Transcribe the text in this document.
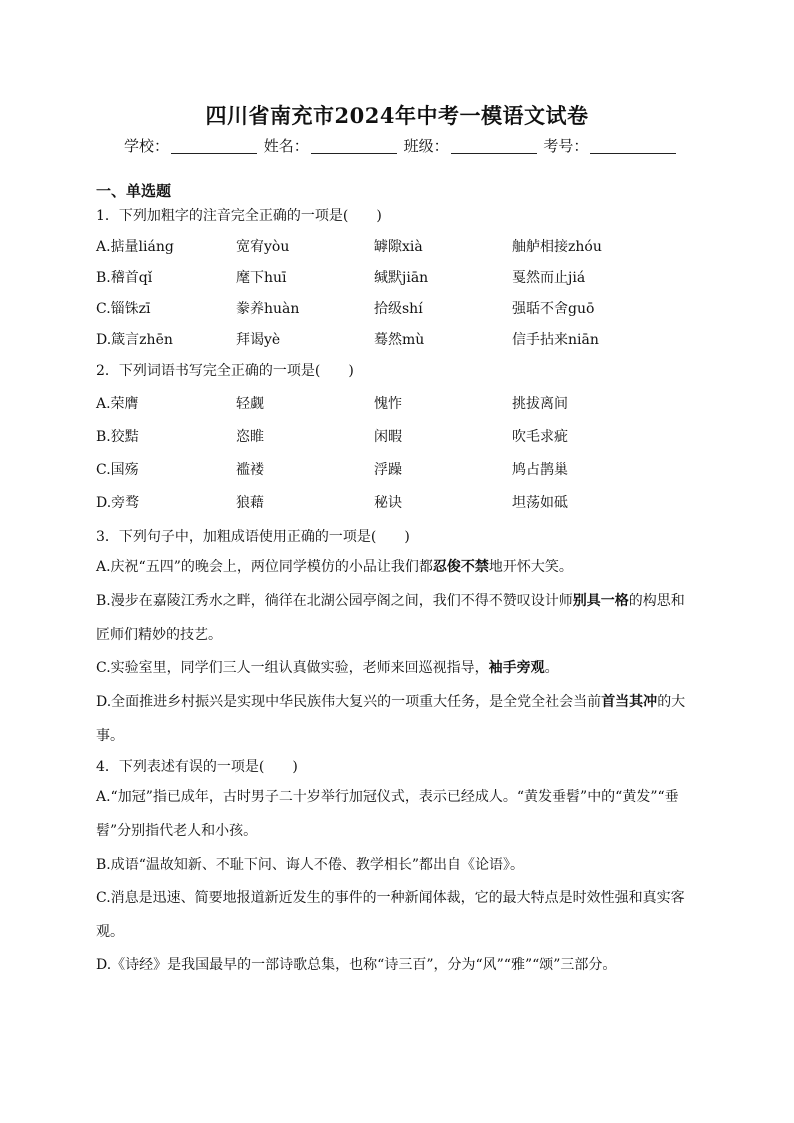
四川省南充市2024年中考一模语文试卷
学校：	姓名：	班级：	考号：
一、单选题
1．下列加粗字的注音完全正确的一项是(　　)
A.掂量liáng	宽宥yòu	罅隙xià	舳舻相接zhóu
B.稽首qǐ	麾下huī	缄默jiān	戛然而止jiá
C.锱铢zī	豢养huàn	拾级shí	强聒不舍guō
D.箴言zhēn	拜谒yè	蓦然mù	信手拈来niān
2．下列词语书写完全正确的一项是(　　)
A.荣膺	轻觑	愧怍	挑拔离间
B.狡黠	恣睢	闲暇	吹毛求疵
C.国殇	褴褛	浮躁	鸠占鹊巢
D.旁骛	狼藉	秘诀	坦荡如砥
3．下列句子中，加粗成语使用正确的一项是(　　)
A.庆祝“五四”的晚会上，两位同学模仿的小品让我们都忍俊不禁地开怀大笑。
B.漫步在嘉陵江秀水之畔，徜徉在北湖公园亭阁之间，我们不得不赞叹设计师别具一格的构思和匠师们精妙的技艺。
C.实验室里，同学们三人一组认真做实验，老师来回巡视指导，袖手旁观。
D.全面推进乡村振兴是实现中华民族伟大复兴的一项重大任务，是全党全社会当前首当其冲的大事。
4．下列表述有误的一项是(　　)
A.“加冠”指已成年，古时男子二十岁举行加冠仪式，表示已经成人。“黄发垂髫”中的“黄发”“垂髫”分别指代老人和小孩。
B.成语“温故知新、不耻下问、诲人不倦、教学相长”都出自《论语》。
C.消息是迅速、简要地报道新近发生的事件的一种新闻体裁，它的最大特点是时效性强和真实客观。
D.《诗经》是我国最早的一部诗歌总集，也称“诗三百”，分为“风”“雅”“颂”三部分。
